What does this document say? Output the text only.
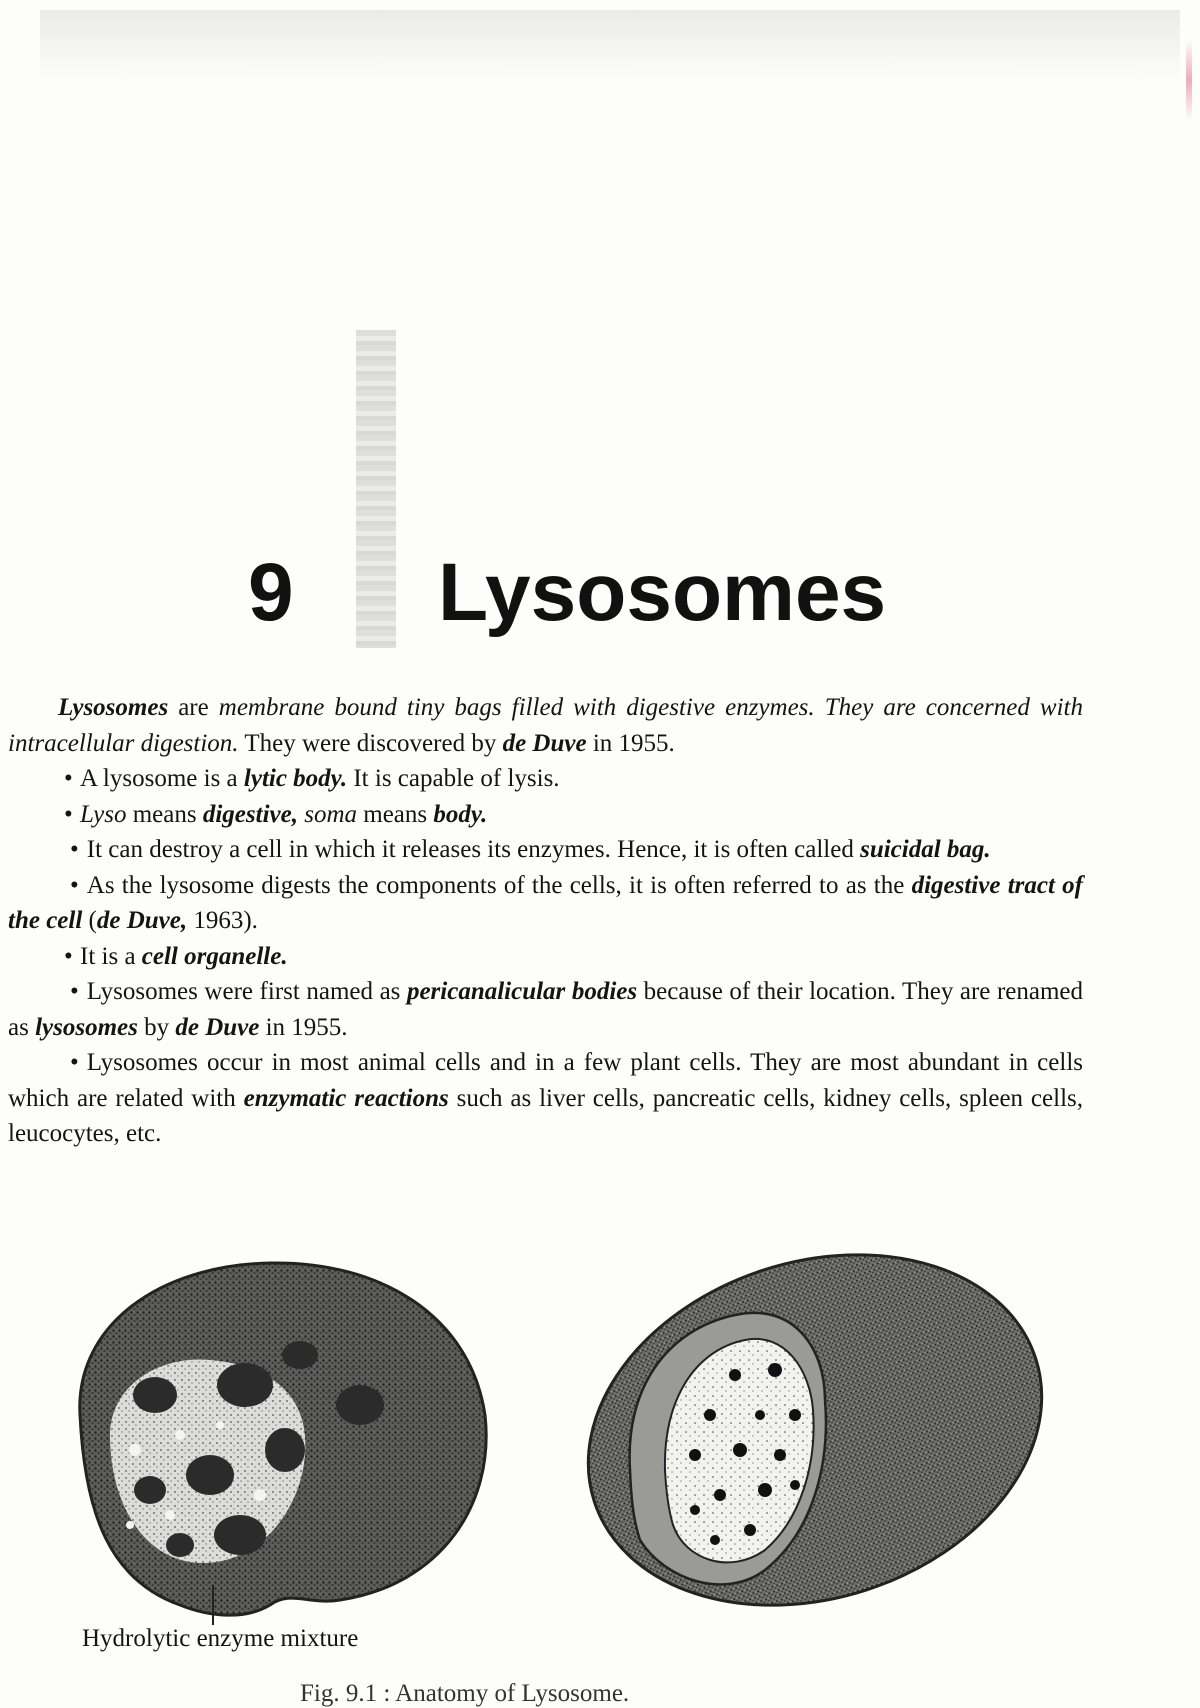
9 Lysosomes

Lysosomes are membrane bound tiny bags filled with digestive enzymes. They are concerned with intracellular digestion. They were discovered by de Duve in 1955.

• A lysosome is a lytic body. It is capable of lysis.

• Lyso means digestive, soma means body.

• It can destroy a cell in which it releases its enzymes. Hence, it is often called suicidal bag.

• As the lysosome digests the components of the cells, it is often referred to as the digestive tract of the cell (de Duve, 1963).

• It is a cell organelle.

• Lysosomes were first named as pericanalicular bodies because of their location. They are renamed as lysosomes by de Duve in 1955.

• Lysosomes occur in most animal cells and in a few plant cells. They are most abundant in cells which are related with enzymatic reactions such as liver cells, pancreatic cells, kidney cells, spleen cells, leucocytes, etc.

Hydrolytic enzyme mixture
Fig. 9.1 : Anatomy of Lysosome.
